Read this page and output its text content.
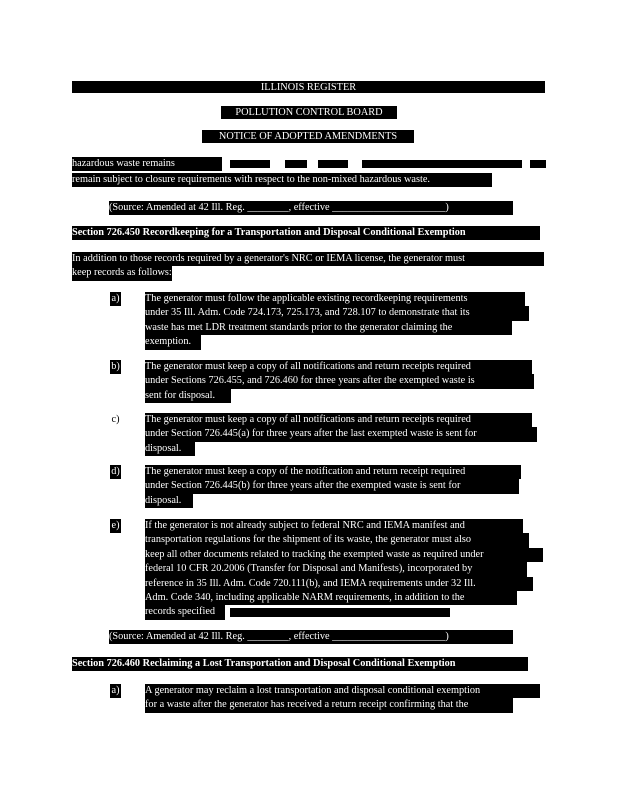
ILLINOIS REGISTER
POLLUTION CONTROL BOARD
NOTICE OF ADOPTED AMENDMENTS
hazardous waste remains
remain subject to closure requirements with respect to the non-mixed hazardous waste.
(Source: Amended at 42 Ill. Reg. ________, effective ______________________)
Section 726.450 Recordkeeping for a Transportation and Disposal Conditional Exemption
In addition to those records required by a generator's NRC or IEMA license, the generator must
keep records as follows:
a) The generator must follow the applicable existing recordkeeping requirements
under 35 Ill. Adm. Code 724.173, 725.173, and 728.107 to demonstrate that its
waste has met LDR treatment standards prior to the generator claiming the
exemption.
b) The generator must keep a copy of all notifications and return receipts required
under Sections 726.455, and 726.460 for three years after the exempted waste is
sent for disposal.
c) The generator must keep a copy of all notifications and return receipts required
under Section 726.445(a) for three years after the last exempted waste is sent for
disposal.
d) The generator must keep a copy of the notification and return receipt required
under Section 726.445(b) for three years after the exempted waste is sent for
disposal.
e) If the generator is not already subject to federal NRC and IEMA manifest and
transportation regulations for the shipment of its waste, the generator must also
keep all other documents related to tracking the exempted waste as required under
federal 10 CFR 20.2006 (Transfer for Disposal and Manifests), incorporated by
reference in 35 Ill. Adm. Code 720.111(b), and IEMA requirements under 32 Ill.
Adm. Code 340, including applicable NARM requirements, in addition to the
records specified
(Source: Amended at 42 Ill. Reg. ________, effective ______________________)
Section 726.460 Reclaiming a Lost Transportation and Disposal Conditional Exemption
a) A generator may reclaim a lost transportation and disposal conditional exemption
for a waste after the generator has received a return receipt confirming that the
